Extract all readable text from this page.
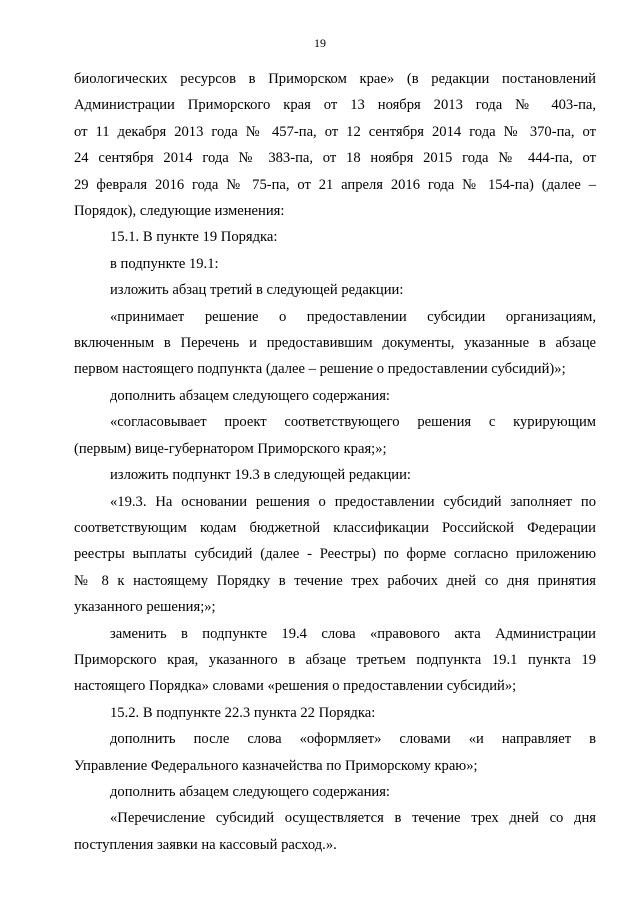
19
биологических ресурсов в Приморском крае» (в редакции постановлений
Администрации Приморского края от 13 ноября 2013 года № 403-па,
от 11 декабря 2013 года № 457-па, от 12 сентября 2014 года № 370-па, от
24 сентября 2014 года № 383-па, от 18 ноября 2015 года № 444-па, от
29 февраля 2016 года № 75-па, от 21 апреля 2016 года № 154-па) (далее –
Порядок), следующие изменения:
15.1. В пункте 19 Порядка:
в подпункте 19.1:
изложить абзац третий в следующей редакции:
«принимает решение о предоставлении субсидии организациям,
включенным в Перечень и предоставившим документы, указанные в абзаце
первом настоящего подпункта (далее – решение о предоставлении субсидий)»;
дополнить абзацем следующего содержания:
«согласовывает проект соответствующего решения с курирующим
(первым) вице-губернатором Приморского края;»;
изложить подпункт 19.3 в следующей редакции:
«19.3. На основании решения о предоставлении субсидий заполняет по
соответствующим кодам бюджетной классификации Российской Федерации
реестры выплаты субсидий (далее - Реестры) по форме согласно приложению
№ 8 к настоящему Порядку в течение трех рабочих дней со дня принятия
указанного решения;»;
заменить в подпункте 19.4 слова «правового акта Администрации
Приморского края, указанного в абзаце третьем подпункта 19.1 пункта 19
настоящего Порядка» словами «решения о предоставлении субсидий»;
15.2. В подпункте 22.3 пункта 22 Порядка:
дополнить после слова «оформляет» словами «и направляет в
Управление Федерального казначейства по Приморскому краю»;
дополнить абзацем следующего содержания:
«Перечисление субсидий осуществляется в течение трех дней со дня
поступления заявки на кассовый расход.».
